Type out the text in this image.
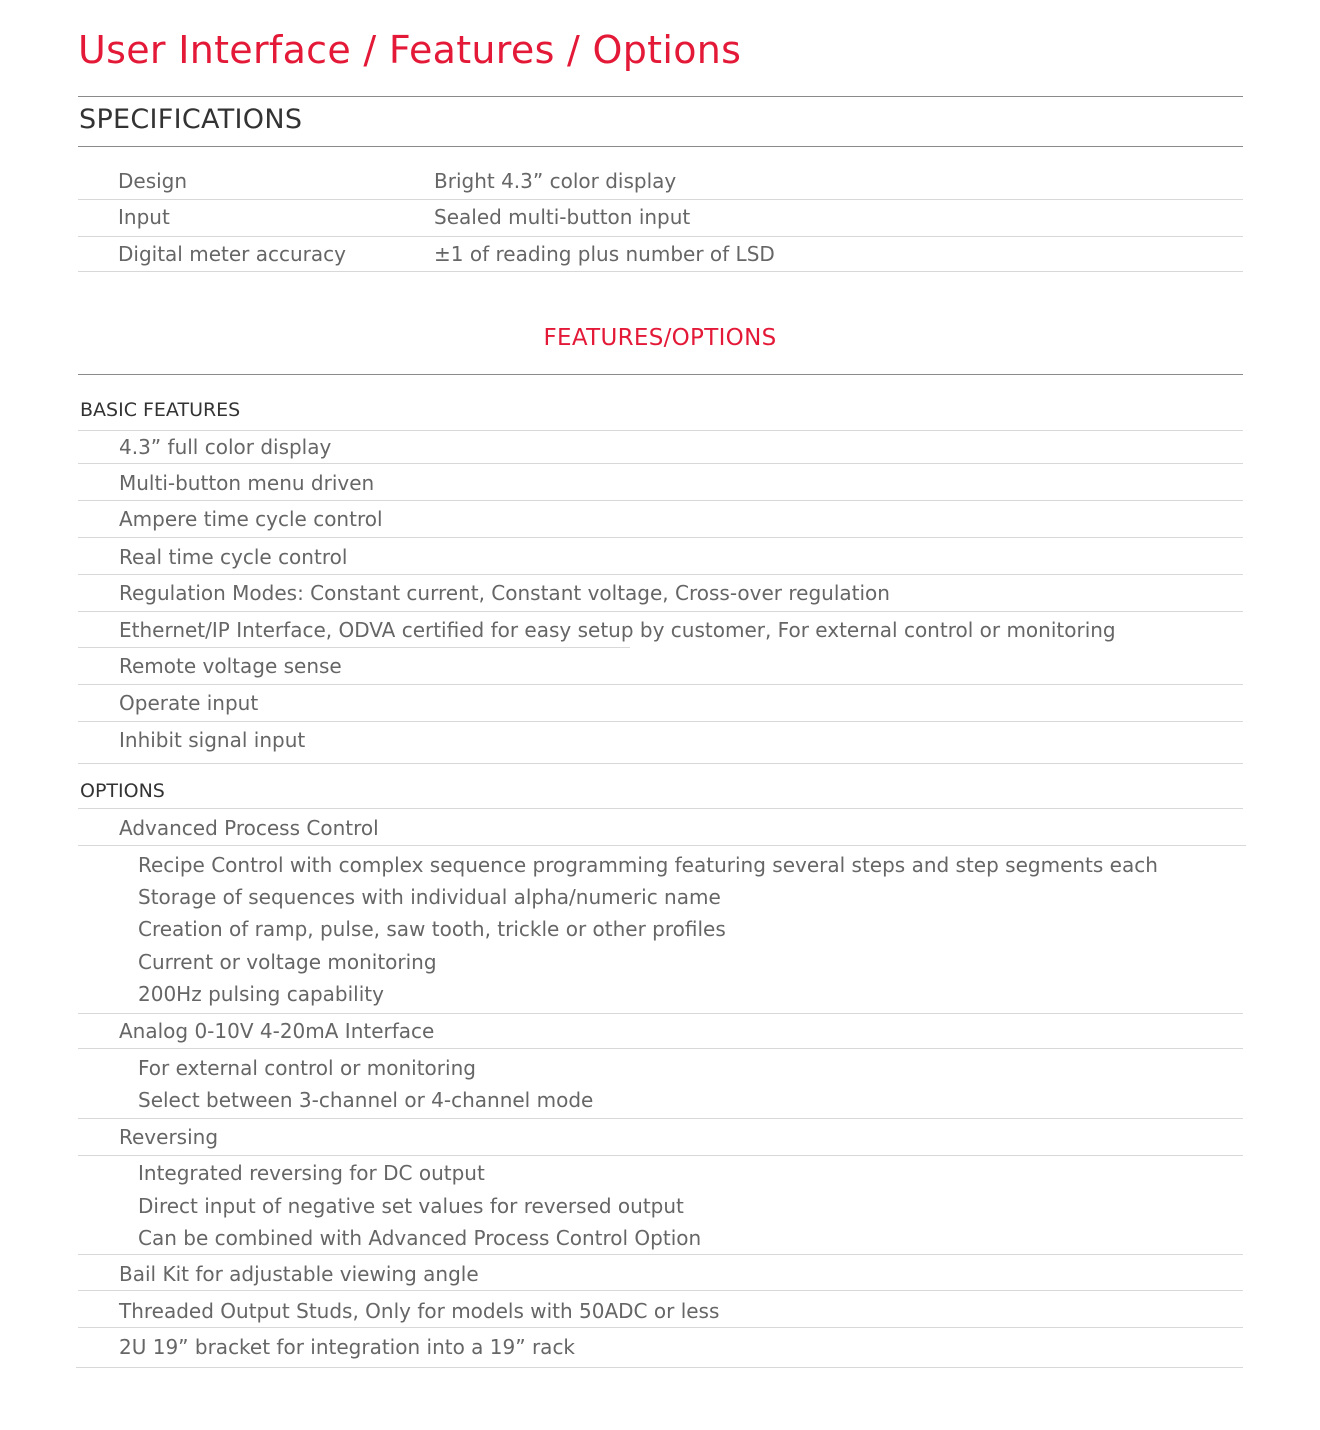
User Interface / Features / Options
SPECIFICATIONS
Design	Bright 4.3” color display
Input	Sealed multi-button input
Digital meter accuracy	±1 of reading plus number of LSD
FEATURES/OPTIONS
BASIC FEATURES
4.3” full color display
Multi-button menu driven
Ampere time cycle control
Real time cycle control
Regulation Modes: Constant current, Constant voltage, Cross-over regulation
Ethernet/IP Interface, ODVA certified for easy setup by customer, For external control or monitoring
Remote voltage sense
Operate input
Inhibit signal input
OPTIONS
Advanced Process Control
Recipe Control with complex sequence programming featuring several steps and step segments each
Storage of sequences with individual alpha/numeric name
Creation of ramp, pulse, saw tooth, trickle or other profiles
Current or voltage monitoring
200Hz pulsing capability
Analog 0-10V 4-20mA Interface
For external control or monitoring
Select between 3-channel or 4-channel mode
Reversing
Integrated reversing for DC output
Direct input of negative set values for reversed output
Can be combined with Advanced Process Control Option
Bail Kit for adjustable viewing angle
Threaded Output Studs, Only for models with 50ADC or less
2U 19” bracket for integration into a 19” rack
